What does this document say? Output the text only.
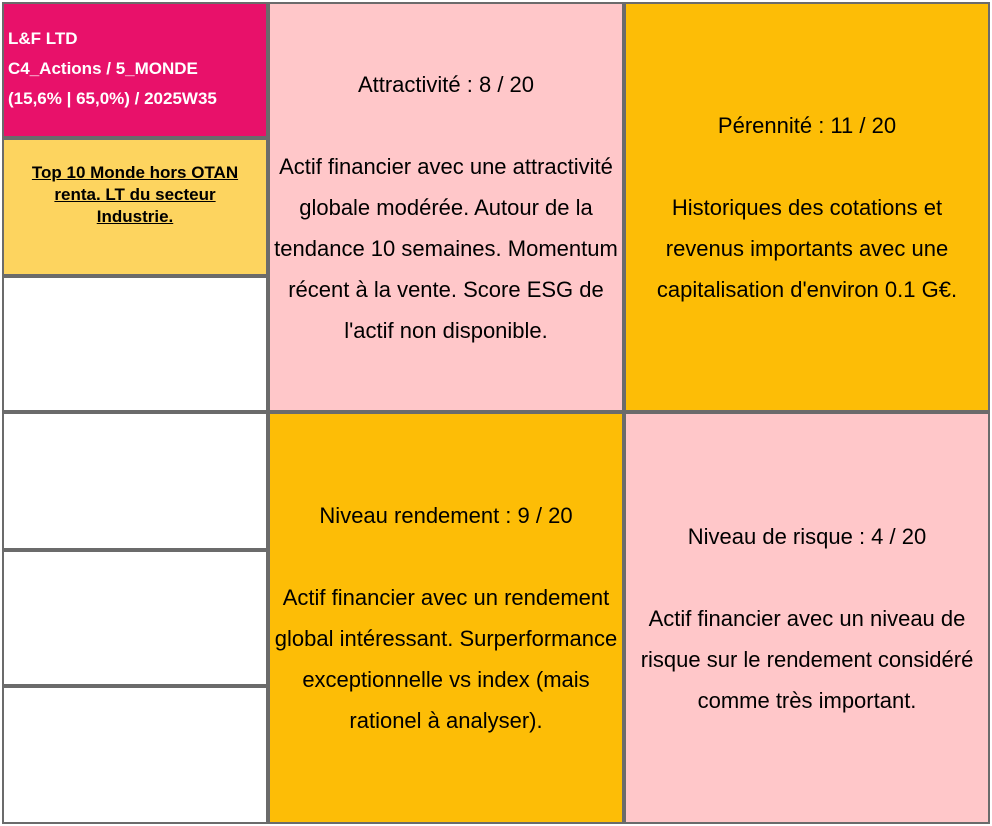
L&F LTD
C4_Actions / 5_MONDE
(15,6% | 65,0%) / 2025W35
Top 10 Monde hors OTAN renta. LT du secteur Industrie.
Attractivité : 8 / 20
Actif financier avec une attractivité globale modérée. Autour de la tendance 10 semaines. Momentum récent à la vente. Score ESG de l'actif non disponible.
Pérennité : 11 / 20
Historiques des cotations et revenus importants avec une capitalisation d'environ 0.1 G€.
Niveau rendement : 9 / 20
Actif financier avec un rendement global intéressant. Surperformance exceptionnelle vs index (mais rationel à analyser).
Niveau de risque : 4 / 20
Actif financier avec un niveau de risque sur le rendement considéré comme très important.
